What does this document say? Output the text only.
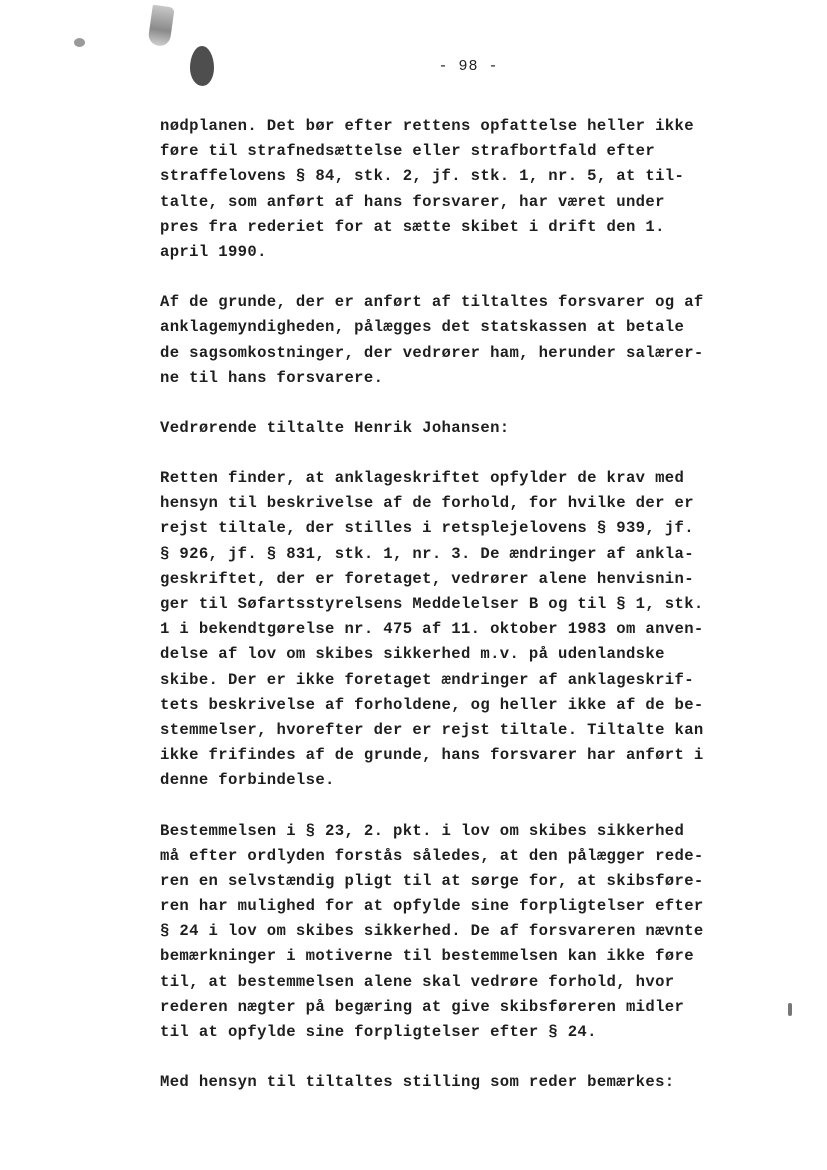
- 98 -

nødplanen. Det bør efter rettens opfattelse heller ikke
føre til strafnedsættelse eller strafbortfald efter
straffelovens § 84, stk. 2, jf. stk. 1, nr. 5, at til-
talte, som anført af hans forsvarer, har været under
pres fra rederiet for at sætte skibet i drift den 1.
april 1990.

Af de grunde, der er anført af tiltaltes forsvarer og af
anklagemyndigheden, pålægges det statskassen at betale
de sagsomkostninger, der vedrører ham, herunder salærer-
ne til hans forsvarere.

Vedrørende tiltalte Henrik Johansen:

Retten finder, at anklageskriftet opfylder de krav med
hensyn til beskrivelse af de forhold, for hvilke der er
rejst tiltale, der stilles i retsplejelovens § 939, jf.
§ 926, jf. § 831, stk. 1, nr. 3. De ændringer af ankla-
geskriftet, der er foretaget, vedrører alene henvisnin-
ger til Søfartsstyrelsens Meddelelser B og til § 1, stk.
1 i bekendtgørelse nr. 475 af 11. oktober 1983 om anven-
delse af lov om skibes sikkerhed m.v. på udenlandske
skibe. Der er ikke foretaget ændringer af anklageskrif-
tets beskrivelse af forholdene, og heller ikke af de be-
stemmelser, hvorefter der er rejst tiltale. Tiltalte kan
ikke frifindes af de grunde, hans forsvarer har anført i
denne forbindelse.

Bestemmelsen i § 23, 2. pkt. i lov om skibes sikkerhed
må efter ordlyden forstås således, at den pålægger rede-
ren en selvstændig pligt til at sørge for, at skibsføre-
ren har mulighed for at opfylde sine forpligtelser efter
§ 24 i lov om skibes sikkerhed. De af forsvareren nævnte
bemærkninger i motiverne til bestemmelsen kan ikke føre
til, at bestemmelsen alene skal vedrøre forhold, hvor
rederen nægter på begæring at give skibsføreren midler
til at opfylde sine forpligtelser efter § 24.

Med hensyn til tiltaltes stilling som reder bemærkes:
